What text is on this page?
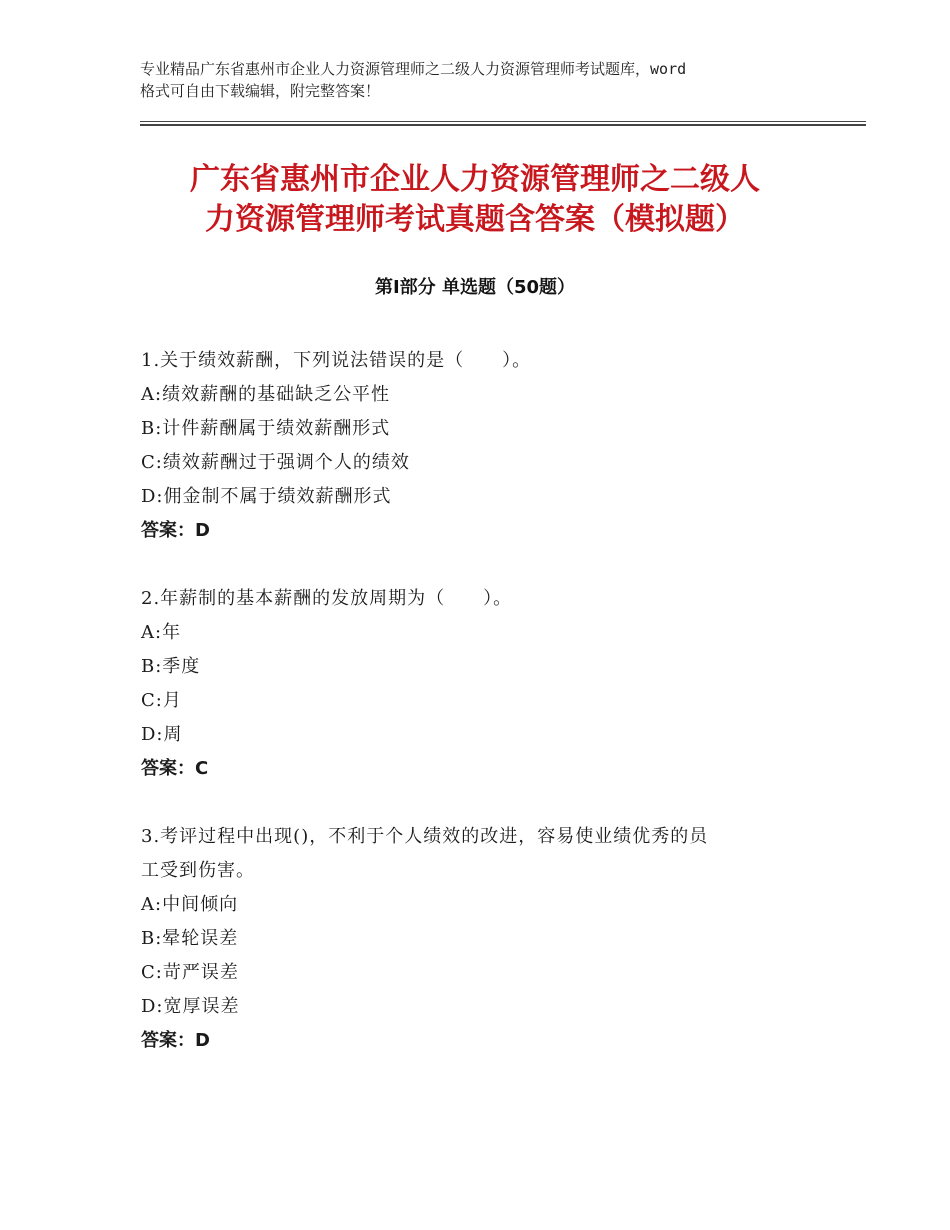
专业精品广东省惠州市企业人力资源管理师之二级人力资源管理师考试题库，word
格式可自由下载编辑，附完整答案！
广东省惠州市企业人力资源管理师之二级人
力资源管理师考试真题含答案（模拟题）
第Ⅰ部分 单选题（50题）
1.关于绩效薪酬，下列说法错误的是（　　）。
A:绩效薪酬的基础缺乏公平性
B:计件薪酬属于绩效薪酬形式
C:绩效薪酬过于强调个人的绩效
D:佣金制不属于绩效薪酬形式
答案：D
2.年薪制的基本薪酬的发放周期为（　　）。
A:年
B:季度
C:月
D:周
答案：C
3.考评过程中出现()，不利于个人绩效的改进，容易使业绩优秀的员
工受到伤害。
A:中间倾向
B:晕轮误差
C:苛严误差
D:宽厚误差
答案：D
